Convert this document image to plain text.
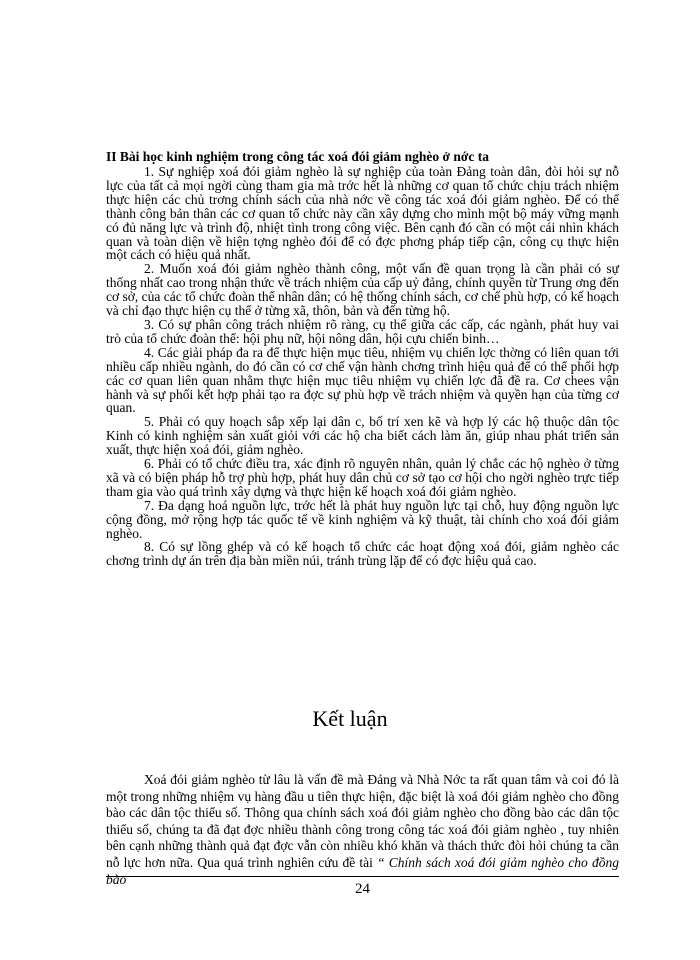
II Bài học kinh nghiệm trong công tác xoá đói giảm nghèo ở nớc ta

1. Sự nghiệp xoá đói giảm nghèo là sự nghiệp của toàn Đảng toàn dân, đòi hỏi sự nỗ lực của tất cả mọi ngời cùng tham gia mà trớc hết là những cơ quan tổ chức chịu trách nhiệm thực hiện các chủ trơng chính sách của nhà nớc về công tác xoá đói giảm nghèo. Để có thể thành công bản thân các cơ quan tổ chức này cần xây dựng cho mình một bộ máy vững mạnh có đủ năng lực và trình độ, nhiệt tình trong công việc. Bên cạnh đó cần có một cái nhìn khách quan và toàn diện về hiện tợng nghèo đói để có đợc phơng pháp tiếp cận, công cụ thực hiện một cách có hiệu quả nhất.

2. Muốn xoá đói giảm nghèo thành công, một vấn đề quan trọng là cần phải có sự thống nhất cao trong nhận thức về trách nhiệm của cấp uỷ đảng, chính quyền từ Trung ơng đến cơ sở, của các tổ chức đoàn thể nhân dân; có hệ thống chính sách, cơ chế phù hợp, có kế hoạch và chỉ đạo thực hiện cụ thể ở từng xã, thôn, bản và đến từng hộ.

3. Có sự phân công trách nhiệm rõ ràng, cụ thể giữa các cấp, các ngành, phát huy vai trò của tổ chức đoàn thể: hội phụ nữ, hội nông dân, hội cựu chiến binh…

4. Các giải pháp đa ra để thực hiện mục tiêu, nhiệm vụ chiến lợc thờng có liên quan tới nhiều cấp nhiều ngành, do đó cần có cơ chế vận hành chơng trình hiệu quả để có thể phối hợp các cơ quan liên quan nhằm thực hiện mục tiêu nhiệm vụ chiến lợc đã đề ra. Cơ chees vận hành và sự phối kết hợp phải tạo ra đợc sự phù hợp về trách nhiệm và quyền hạn của từng cơ quan.

5. Phải có quy hoạch sắp xếp lại dân c, bố trí xen kẽ và hợp lý các hộ thuộc dân tộc Kinh có kinh nghiệm sản xuất giỏi với các hộ cha biết cách làm ăn, giúp nhau phát triển sản xuất, thực hiện xoá đói, giảm nghèo.

6. Phải có tổ chức điều tra, xác định rõ nguyên nhân, quản lý chắc các hộ nghèo ở từng xã và có biện pháp hỗ trợ phù hợp, phát huy dân chủ cơ sở tạo cơ hội cho ngời nghèo trực tiếp tham gia vào quá trình xây dựng và thực hiện kế hoạch xoá đói giảm nghèo.

7. Đa dạng hoá nguồn lực, trớc hết là phát huy nguồn lực tại chỗ, huy động nguồn lực cộng đồng, mở rộng hợp tác quốc tế về kinh nghiệm và kỹ thuật, tài chính cho xoá đói giảm nghèo.

8. Có sự lồng ghép và có kế hoạch tổ chức các hoạt động xoá đói, giảm nghèo các chơng trình dự án trên địa bàn miền núi, tránh trùng lặp để có đợc hiệu quả cao.

Kết luận

Xoá đói giảm nghèo từ lâu là vấn đề mà Đảng và Nhà Nớc ta rất quan tâm và coi đó là một trong những nhiệm vụ hàng đầu u tiên thực hiện, đặc biệt là xoá đói giảm nghèo cho đồng bào các dân tộc thiểu số. Thông qua chính sách xoá đói giảm nghèo cho đồng bào các dân tộc thiểu số, chúng ta đã đạt đợc nhiều thành công trong công tác xoá đói giảm nghèo , tuy nhiên bên cạnh những thành quả đạt đợc vẫn còn nhiều khó khăn và thách thức đòi hỏi chúng ta cần nỗ lực hơn nữa. Qua quá trình nghiên cứu đề tài “ Chính sách xoá đói giảm nghèo cho đồng bào

24
